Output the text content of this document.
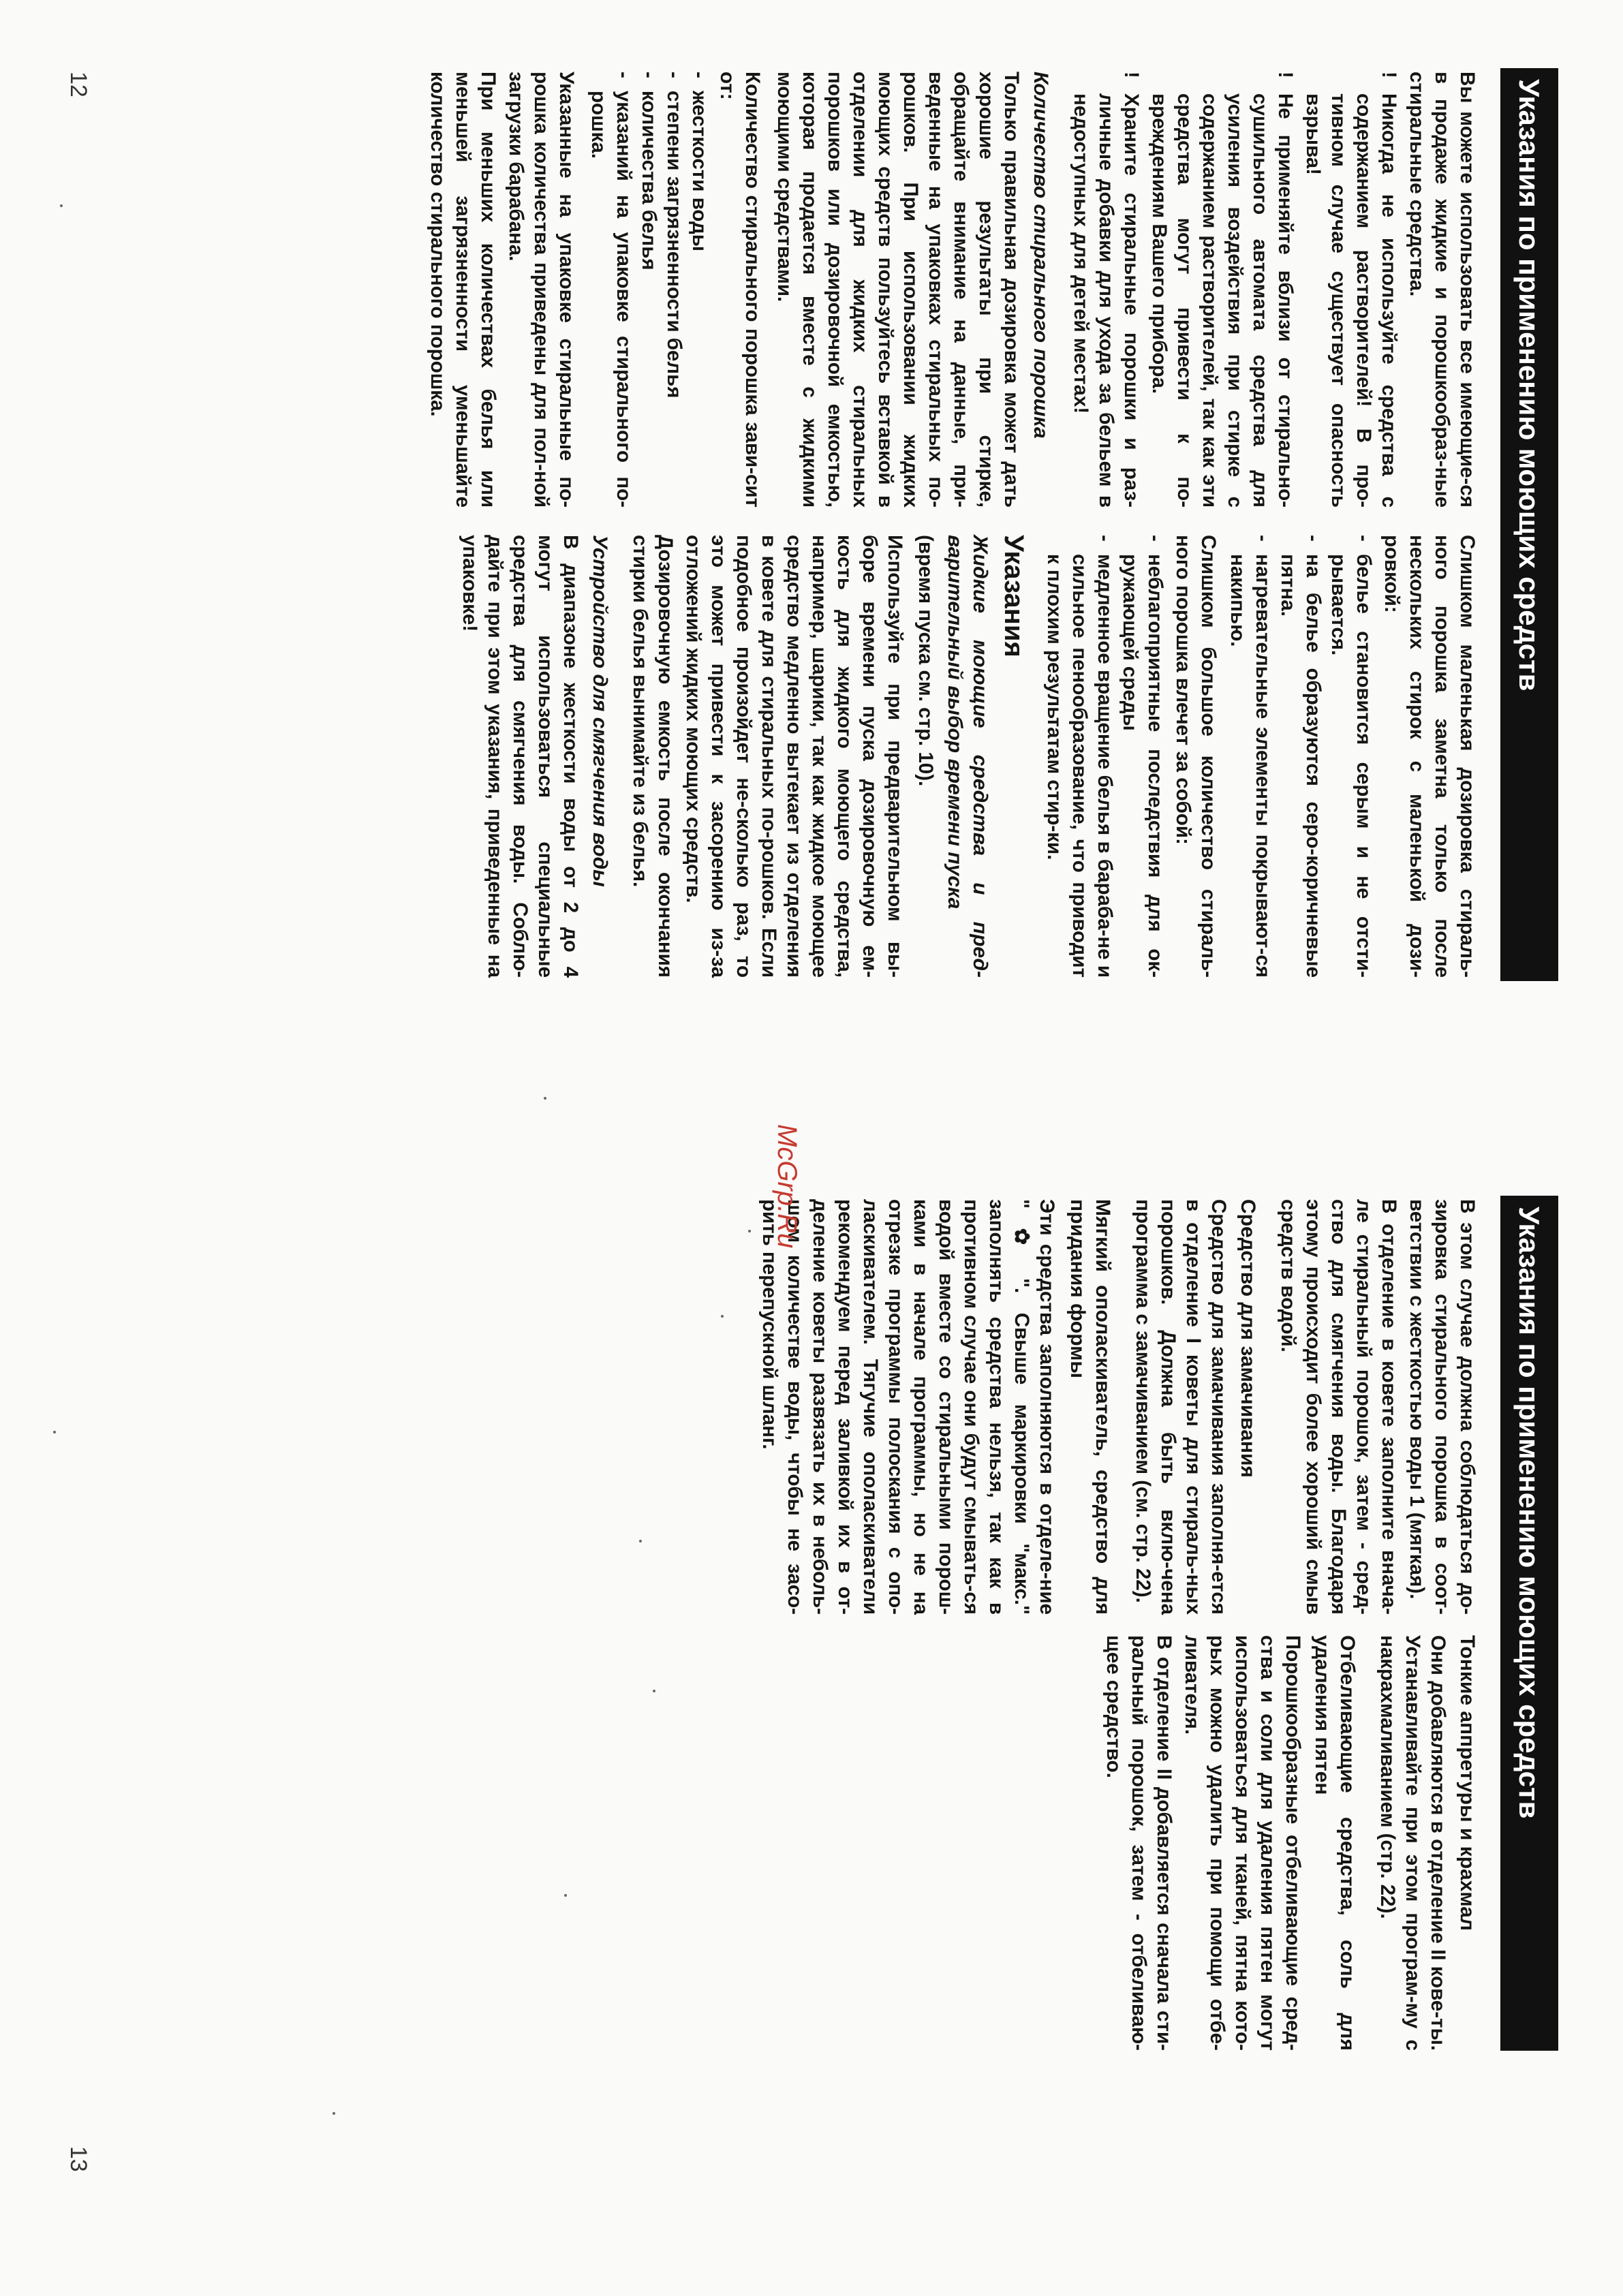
Указания по применению моющих средств

Вы можете использовать все имеющие-ся в продаже жидкие и порошкообраз-ные стиральные средства.

!
Никогда не используйте средства с содержанием растворителей! В про-тивном случае существует опасность взрыва!
!
Не применяйте вблизи от стирально-сушильного автомата средства для усиления воздействия при стирке с содержанием растворителей, так как эти средства могут привести к по-вреждениям Вашего прибора.
!
Храните стиральные порошки и раз-личные добавки для ухода за бельем в недоступных для детей местах!
Количество стирального порошка

Только правильная дозировка может дать хорошие результаты при стирке, обращайте внимание на данные, при-веденные на упаковках стиральных по-рошков. При использовании жидких моющих средств пользуйтесь вставкой в отделении для жидких стиральных порошков или дозировочной емкостью, которая продается вместе с жидкими моющими средствами.

Количество стирального порошка зави-сит от:

-
жесткости воды
-
степени загрязненности белья
-
количества белья
-
указаний на упаковке стирального по-рошка.

Указанные на упаковке стиральные по-рошка количества приведены для пол-ной загрузки барабана.

При меньших количествах белья или меньшей загрязненности уменьшайте количество стирального порошка.

Слишком маленькая дозировка стираль-ного порошка заметна только после нескольких стирок с маленькой дози-ровкой:

-
белье становится серым и не отсти-рывается.
-
на белье образуются серо-коричневые пятна.
-
нагревательные элементы покрывают-ся накипью.

Слишком большое количество стираль-ного порошка влечет за собой:

-
неблагоприятные последствия для ок-ружающей среды
-
медленное вращение белья в бараба-не и сильное пенообразование, что приводит к плохим результатам стир-ки.
Указания
Жидкие моющие средства и пред-варительный выбор времени пуска

(время пуска см. стр. 10).

Используйте при предварительном вы-боре времени пуска дозировочную ем-кость для жидкого моющего средства, например, шарики, так как жидкое моющее средство медленно вытекает из отделения в ковете для стиральных по-рошков. Если подобное произойдет не-сколько раз, то это может привести к засорению из-за отложений жидких моющих средств.

Дозировочную емкость после окончания стирки белья вынимайте из белья.

Устройство для смягчения воды

В диапазоне жесткости воды от 2 до 4 могут использоваться специальные средства для смягчения воды. Соблю-дайте при этом указания, приведенные на упаковке!

12
Указания по применению моющих средств

В этом случае должна соблюдаться до-зировка стирального порошка в соот-ветствии с жесткостью воды 1 (мягкая).

В отделение в ковете заполните внача-ле стиральный порошок, затем - сред-ство для смягчения воды. Благодаря этому происходит более хороший смыв средств водой.

Средство для замачивания

Средство для замачивания заполня-ется в отделение I коветы для стираль-ных порошков. Должна быть вклю-чена программа с замачиванием (см. стр. 22).

Мягкий ополаскиватель, средство для придания формы

Эти средства заполняются в отделе-ние " ✿ ". Свыше маркировки "макс." заполнять средства нельзя, так как в противном случае они будут смывать-ся водой вместе со стиральными порош-ками в начале программы, но не на отрезке программы полоскания с опо-ласкивателем. Тягучие ополаскиватели рекомендуем перед заливкой их в от-деление коветы развязать их в неболь-шом количестве воды, чтобы не засо-рить перепускной шланг.

Тонкие аппретуры и крахмал

Они добавляются в отделение II кове-ты. Устанавливайте при этом програм-му с накрахмаливанием (стр. 22).

Отбеливающие средства, соль для удаления пятен

Порошкообразные отбеливающие сред-ства и соли для удаления пятен могут использоваться для тканей, пятна кото-рых можно удалить при помощи отбе-ливателя.

В отделение II добавляется сначала сти-ральный порошок, затем - отбеливаю-щее средство.

McGrp.Ru
13
